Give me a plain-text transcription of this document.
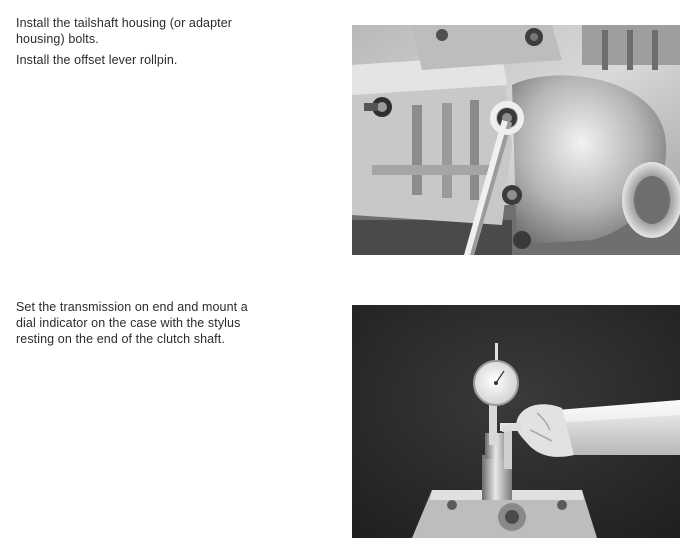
Install the tailshaft housing (or adapter

housing) bolts.

Install the offset lever rollpin.

Set the transmission on end and mount a

dial indicator on the case with the stylus

resting on the end of the clutch shaft.
